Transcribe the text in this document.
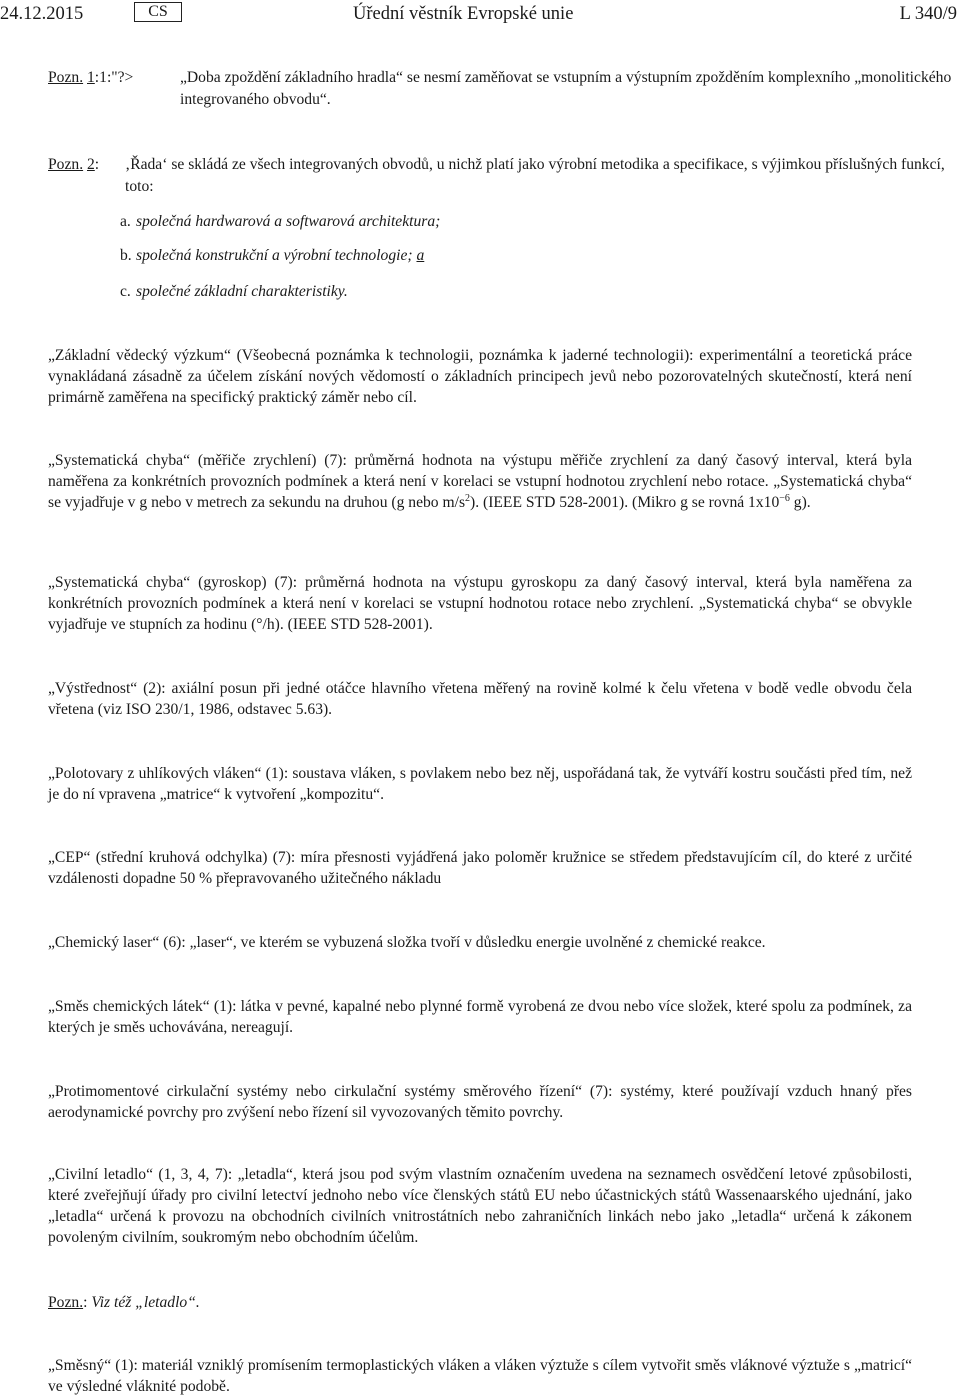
24.12.2015	CS	Úřední věstník Evropské unie	L 340/9
Pozn. 1:1:"?>	„Doba zpoždění základního hradla“ se nesmí zaměňovat se vstupním a výstupním zpožděním komplexního „monolitického integrovaného obvodu“.
Pozn. 2: ‚Řada‘ se skládá ze všech integrovaných obvodů, u nichž platí jako výrobní metodika a specifikace, s výjimkou příslušných funkcí, toto:
a. společná hardwarová a softwarová architektura;
b. společná konstrukční a výrobní technologie; a
c. společné základní charakteristiky.
„Základní vědecký výzkum“ (Všeobecná poznámka k technologii, poznámka k jaderné technologii): experimentální a teoretická práce vynakládaná zásadně za účelem získání nových vědomostí o základních principech jevů nebo pozorovatelných skutečností, která není primárně zaměřena na specifický praktický záměr nebo cíl.
„Systematická chyba“ (měřiče zrychlení) (7): průměrná hodnota na výstupu měřiče zrychlení za daný časový interval, která byla naměřena za konkrétních provozních podmínek a která není v korelaci se vstupní hodnotou zrychlení nebo rotace. „Systematická chyba“ se vyjadřuje v g nebo v metrech za sekundu na druhou (g nebo $m/s^2$). (IEEE STD 528-2001). (Mikro g se rovná $1x10^{-6}$ g).
„Systematická chyba“ (gyroskop) (7): průměrná hodnota na výstupu gyroskopu za daný časový interval, která byla naměřena za konkrétních provozních podmínek a která není v korelaci se vstupní hodnotou rotace nebo zrychlení. „Systematická chyba“ se obvykle vyjadřuje ve stupních za hodinu (°/h). (IEEE STD 528-2001).
„Výstřednost“ (2): axiální posun při jedné otáčce hlavního vřetena měřený na rovině kolmé k čelu vřetena v bodě vedle obvodu čela vřetena (viz ISO 230/1, 1986, odstavec 5.63).
„Polotovary z uhlíkových vláken“ (1): soustava vláken, s povlakem nebo bez něj, uspořádaná tak, že vytváří kostru součásti před tím, než je do ní vpravena „matrice“ k vytvoření „kompozitu“.
„CEP“ (střední kruhová odchylka) (7): míra přesnosti vyjádřená jako poloměr kružnice se středem představujícím cíl, do které z určité vzdálenosti dopadne 50 % přepravovaného užitečného nákladu
„Chemický laser“ (6): „laser“, ve kterém se vybuzená složka tvoří v důsledku energie uvolněné z chemické reakce.
„Směs chemických látek“ (1): látka v pevné, kapalné nebo plynné formě vyrobená ze dvou nebo více složek, které spolu za podmínek, za kterých je směs uchovávána, nereagují.
„Protimomentové cirkulační systémy nebo cirkulační systémy směrového řízení“ (7): systémy, které používají vzduch hnaný přes aerodynamické povrchy pro zvýšení nebo řízení sil vyvozovaných těmito povrchy.
„Civilní letadlo“ (1, 3, 4, 7): „letadla“, která jsou pod svým vlastním označením uvedena na seznamech osvědčení letové způsobilosti, které zveřejňují úřady pro civilní letectví jednoho nebo více členských států EU nebo účastnických států Wassenaarského ujednání, jako „letadla“ určená k provozu na obchodních civilních vnitrostátních nebo zahraničních linkách nebo jako „letadla“ určená k zákonem povoleným civilním, soukromým nebo obchodním účelům.
Pozn.: Viz též „letadlo“.
„Směsný“ (1): materiál vzniklý promísením termoplastických vláken a vláken výztuže s cílem vytvořit směs vláknové výztuže s „matricí“ ve výsledné vláknité podobě.
